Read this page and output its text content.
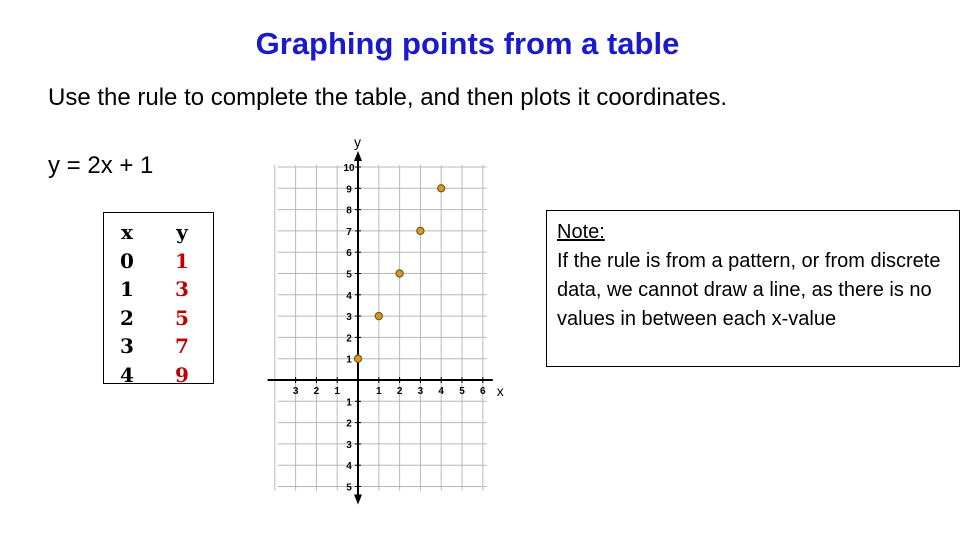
Graphing points from a table
Use the rule to complete the table, and then plots it coordinates.
y = 2x + 1
x
0
1
2
3
4
y
1
3
5
7
9
Note:
If the rule is from a pattern, or from discrete data, we cannot draw a line, as there is no values in between each x-value
y
x
3 2 1	1 2 3 4 5 6
10
9
8
7
6
5
4
3
2
1
1
2
3
4
5
